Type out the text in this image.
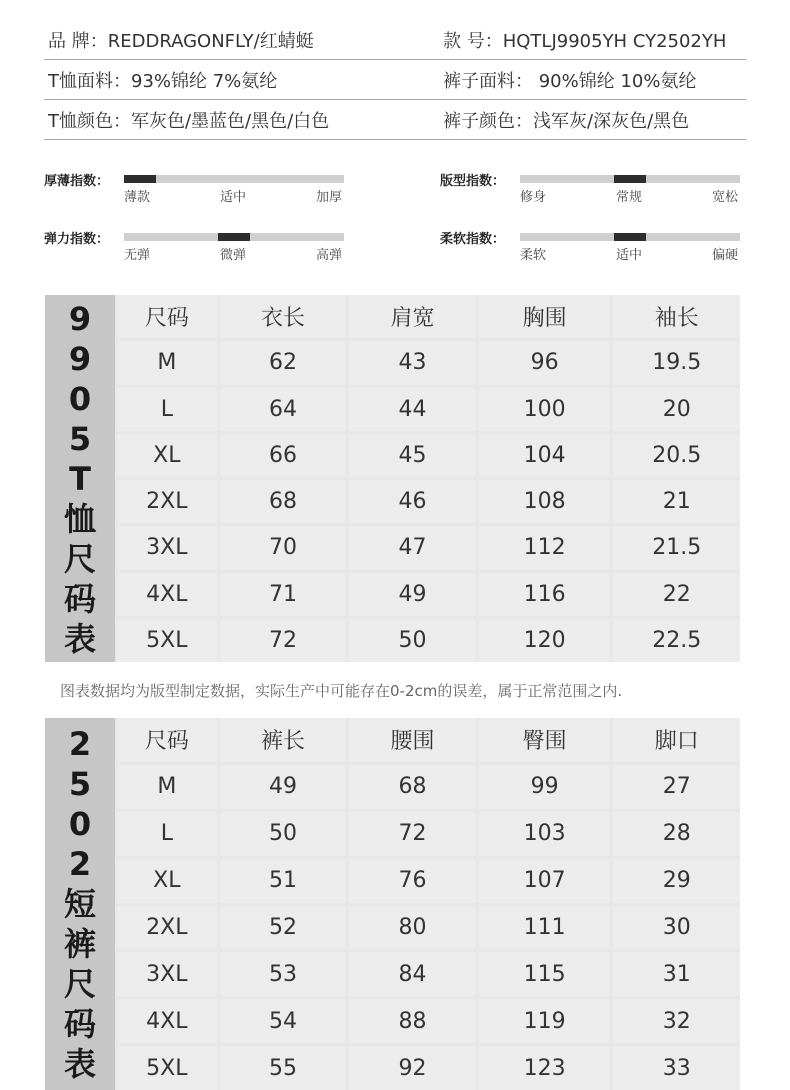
品 牌：REDDRAGONFLY/红蜻蜓	款 号：HQTLJ9905YH CY2502YH
T恤面料：93%锦纶 7%氨纶	裤子面料： 90%锦纶 10%氨纶
T恤颜色：军灰色/墨蓝色/黑色/白色	裤子颜色：浅军灰/深灰色/黑色
厚薄指数：
薄款	适中	加厚
版型指数：
修身	常规	宽松
弹力指数：
无弹	微弹	高弹
柔软指数：
柔软	适中	偏硬
9905T恤尺码表
尺码	衣长	肩宽	胸围	袖长
M	62	43	96	19.5
L	64	44	100	20
XL	66	45	104	20.5
2XL	68	46	108	21
3XL	70	47	112	21.5
4XL	71	49	116	22
5XL	72	50	120	22.5
图表数据均为版型制定数据，实际生产中可能存在0-2cm的误差，属于正常范围之内.
2502短裤尺码表
尺码	裤长	腰围	臀围	脚口
M	49	68	99	27
L	50	72	103	28
XL	51	76	107	29
2XL	52	80	111	30
3XL	53	84	115	31
4XL	54	88	119	32
5XL	55	92	123	33
